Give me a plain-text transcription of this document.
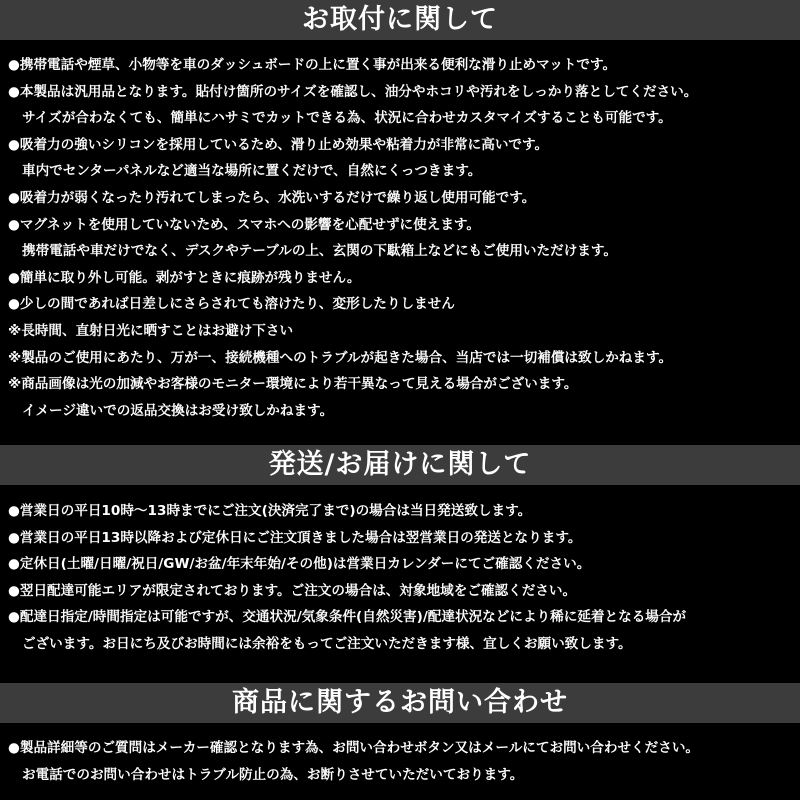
お取付に関して
●携帯電話や煙草、小物等を車のダッシュボードの上に置く事が出来る便利な滑り止めマットです。
●本製品は汎用品となります。貼付け箇所のサイズを確認し、油分やホコリや汚れをしっかり落としてください。
サイズが合わなくても、簡単にハサミでカットできる為、状況に合わせカスタマイズすることも可能です。
●吸着力の強いシリコンを採用しているため、滑り止め効果や粘着力が非常に高いです。
車内でセンターパネルなど適当な場所に置くだけで、自然にくっつきます。
●吸着力が弱くなったり汚れてしまったら、水洗いするだけで繰り返し使用可能です。
●マグネットを使用していないため、スマホへの影響を心配せずに使えます。
携帯電話や車だけでなく、デスクやテーブルの上、玄関の下駄箱上などにもご使用いただけます。
●簡単に取り外し可能。剥がすときに痕跡が残りません。
●少しの間であれば日差しにさらされても溶けたり、変形したりしません
※長時間、直射日光に晒すことはお避け下さい
※製品のご使用にあたり、万が一、接続機種へのトラブルが起きた場合、当店では一切補償は致しかねます。
※商品画像は光の加減やお客様のモニター環境により若干異なって見える場合がございます。
イメージ違いでの返品交換はお受け致しかねます。
発送/お届けに関して
●営業日の平日10時～13時までにご注文(決済完了まで)の場合は当日発送致します。
●営業日の平日13時以降および定休日にご注文頂きました場合は翌営業日の発送となります。
●定休日(土曜/日曜/祝日/GW/お盆/年末年始/その他)は営業日カレンダーにてご確認ください。
●翌日配達可能エリアが限定されております。ご注文の場合は、対象地域をご確認ください。
●配達日指定/時間指定は可能ですが、交通状況/気象条件(自然災害)/配達状況などにより稀に延着となる場合が
ございます。お日にち及びお時間には余裕をもってご注文いただきます様、宜しくお願い致します。
商品に関するお問い合わせ
●製品詳細等のご質問はメーカー確認となります為、お問い合わせボタン又はメールにてお問い合わせください。
お電話でのお問い合わせはトラブル防止の為、お断りさせていただいております。
